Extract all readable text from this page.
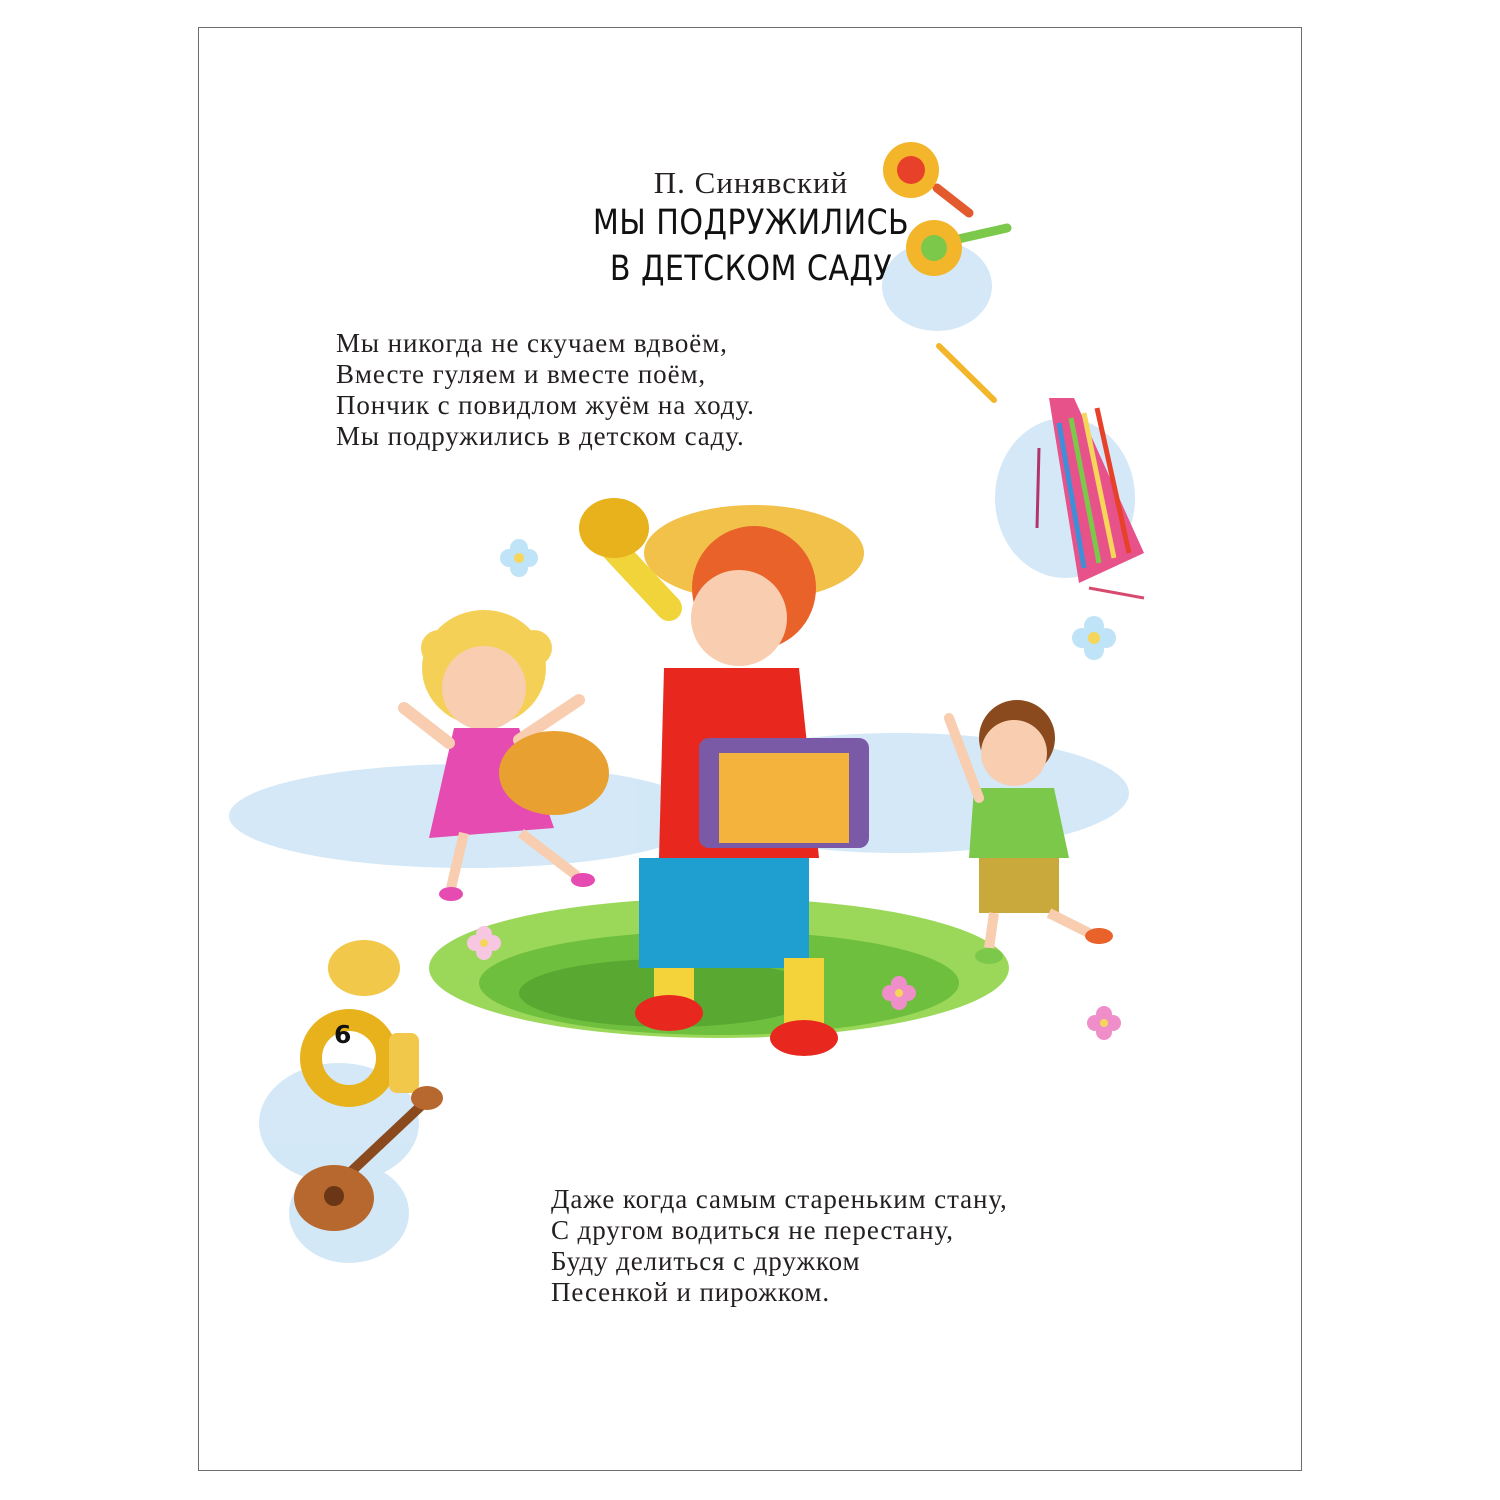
П. Синявский
МЫ ПОДРУЖИЛИСЬ
В ДЕТСКОМ САДУ
Мы никогда не скучаем вдвоём,
Вместе гуляем и вместе поём,
Пончик с повидлом жуём на ходу.
Мы подружились в детском саду.
Даже когда самым стареньким стану,
С другом водиться не перестану,
Буду делиться с дружком
Песенкой и пирожком.
6
